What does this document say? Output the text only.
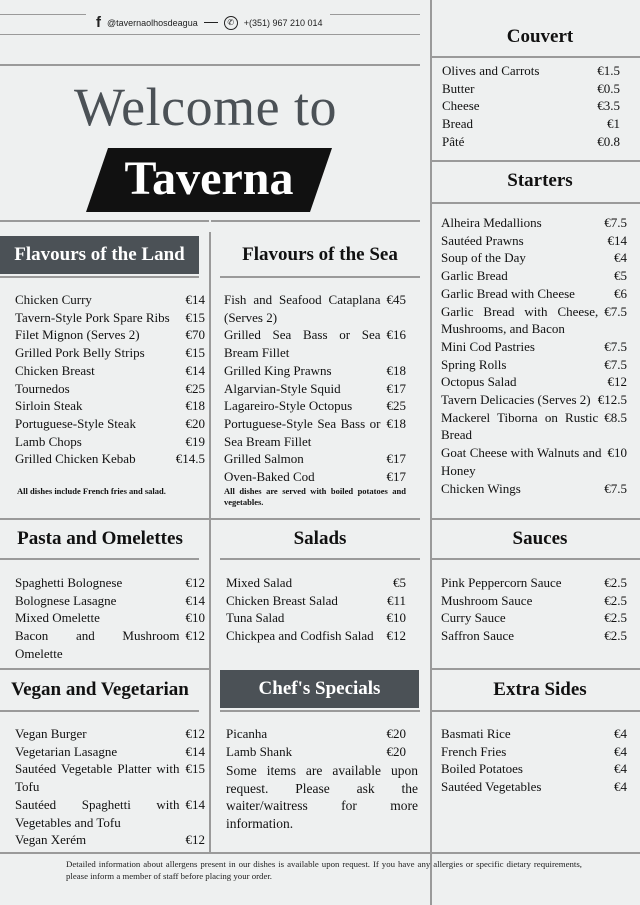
f @tavernaolhosdeagua	✆	+(351) 967 210 014
Welcome to
Taverna
Couvert
Olives and Carrots	€1.5
Butter	€0.5
Cheese	€3.5
Bread	€1
Pâté	€0.8
Starters
Alheira Medallions	€7.5
Sautéed Prawns	€14
Soup of the Day	€4
Garlic Bread	€5
Garlic Bread with Cheese	€6
Garlic Bread with Cheese, Mushrooms, and Bacon
€7.5
Mini Cod Pastries	€7.5
Spring Rolls	€7.5
Octopus Salad	€12
Tavern Delicacies (Serves 2) €12.5
Mackerel Tiborna on Rustic Bread
€8.5
Goat Cheese with Walnuts and Honey
€10
Chicken Wings	€7.5
Flavours of the Land
Chicken Curry	€14
Tavern-Style Pork Spare Ribs	€15
Filet Mignon (Serves 2)	€70
Grilled Pork Belly Strips	€15
Chicken Breast	€14
Tournedos	€25
Sirloin Steak	€18
Portuguese-Style Steak	€20
Lamb Chops	€19
Grilled Chicken Kebab	€14.5
All dishes include French fries and salad.
Flavours of the Sea
Fish and Seafood Cataplana (Serves 2)
€45
Grilled Sea Bass or Sea Bream Fillet
€16
Grilled King Prawns	€18
Algarvian-Style Squid	€17
Lagareiro-Style Octopus	€25
Portuguese-Style Sea Bass or Sea Bream Fillet
€18
Grilled Salmon	€17
Oven-Baked Cod	€17
All dishes are served with boiled potatoes and vegetables.
Pasta and Omelettes
Spaghetti Bolognese	€12
Bolognese Lasagne	€14
Mixed Omelette	€10
Bacon and Mushroom Omelette
€12
Salads
Mixed Salad	€5
Chicken Breast Salad	€11
Tuna Salad	€10
Chickpea and Codfish Salad €12
Sauces
Pink Peppercorn Sauce	€2.5
Mushroom Sauce	€2.5
Curry Sauce	€2.5
Saffron Sauce	€2.5
Vegan and Vegetarian
Vegan Burger	€12
Vegetarian Lasagne	€14
Sautéed Vegetable Platter with Tofu
€15
Sautéed Spaghetti with Vegetables and Tofu
€14
Vegan Xerém	€12
Chef's Specials
Picanha	€20
Lamb Shank	€20
Some items are available upon request. Please ask the waiter/waitress for more information.
Extra Sides
Basmati Rice	€4
French Fries	€4
Boiled Potatoes	€4
Sautéed Vegetables	€4
Detailed information about allergens present in our dishes is available upon request. If you have any allergies or specific dietary requirements, please inform a member of staff before placing your order.
